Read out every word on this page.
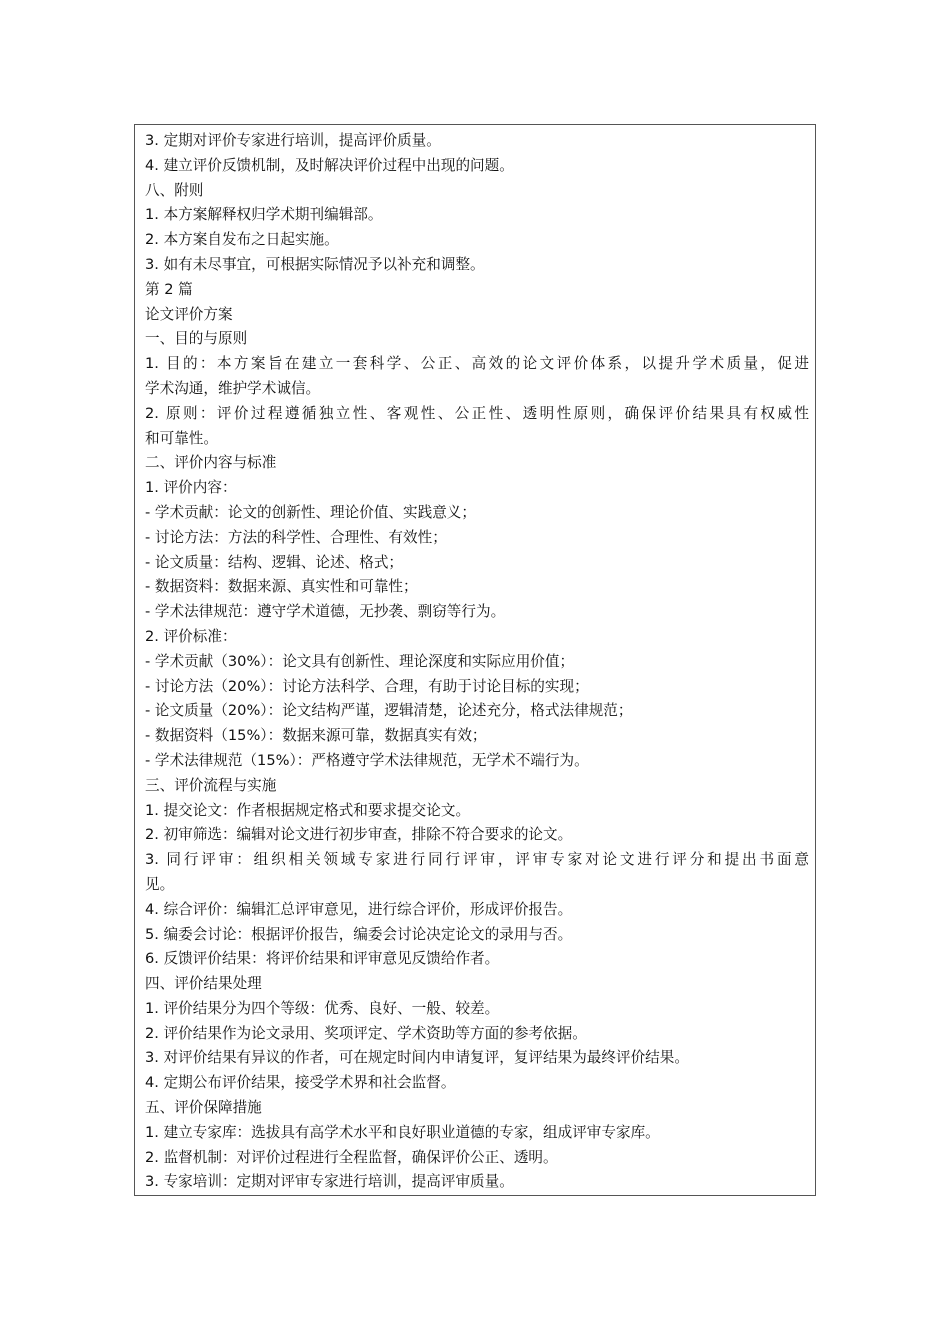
3. 定期对评价专家进行培训，提高评价质量。
4. 建立评价反馈机制，及时解决评价过程中出现的问题。
八、附则
1. 本方案解释权归学术期刊编辑部。
2. 本方案自发布之日起实施。
3. 如有未尽事宜，可根据实际情况予以补充和调整。
第 2 篇
论文评价方案
一、目的与原则
1. 目的：本方案旨在建立一套科学、公正、高效的论文评价体系，以提升学术质量，促进
学术沟通，维护学术诚信。
2. 原则：评价过程遵循独立性、客观性、公正性、透明性原则，确保评价结果具有权威性
和可靠性。
二、评价内容与标准
1. 评价内容：
- 学术贡献：论文的创新性、理论价值、实践意义；
- 讨论方法：方法的科学性、合理性、有效性；
- 论文质量：结构、逻辑、论述、格式；
- 数据资料：数据来源、真实性和可靠性；
- 学术法律规范：遵守学术道德，无抄袭、剽窃等行为。
2. 评价标准：
- 学术贡献（30%）：论文具有创新性、理论深度和实际应用价值；
- 讨论方法（20%）：讨论方法科学、合理，有助于讨论目标的实现；
- 论文质量（20%）：论文结构严谨，逻辑清楚，论述充分，格式法律规范；
- 数据资料（15%）：数据来源可靠，数据真实有效；
- 学术法律规范（15%）：严格遵守学术法律规范，无学术不端行为。
三、评价流程与实施
1. 提交论文：作者根据规定格式和要求提交论文。
2. 初审筛选：编辑对论文进行初步审查，排除不符合要求的论文。
3. 同行评审：组织相关领域专家进行同行评审，评审专家对论文进行评分和提出书面意
见。
4. 综合评价：编辑汇总评审意见，进行综合评价，形成评价报告。
5. 编委会讨论：根据评价报告，编委会讨论决定论文的录用与否。
6. 反馈评价结果：将评价结果和评审意见反馈给作者。
四、评价结果处理
1. 评价结果分为四个等级：优秀、良好、一般、较差。
2. 评价结果作为论文录用、奖项评定、学术资助等方面的参考依据。
3. 对评价结果有异议的作者，可在规定时间内申请复评，复评结果为最终评价结果。
4. 定期公布评价结果，接受学术界和社会监督。
五、评价保障措施
1. 建立专家库：选拔具有高学术水平和良好职业道德的专家，组成评审专家库。
2. 监督机制：对评价过程进行全程监督，确保评价公正、透明。
3. 专家培训：定期对评审专家进行培训，提高评审质量。
